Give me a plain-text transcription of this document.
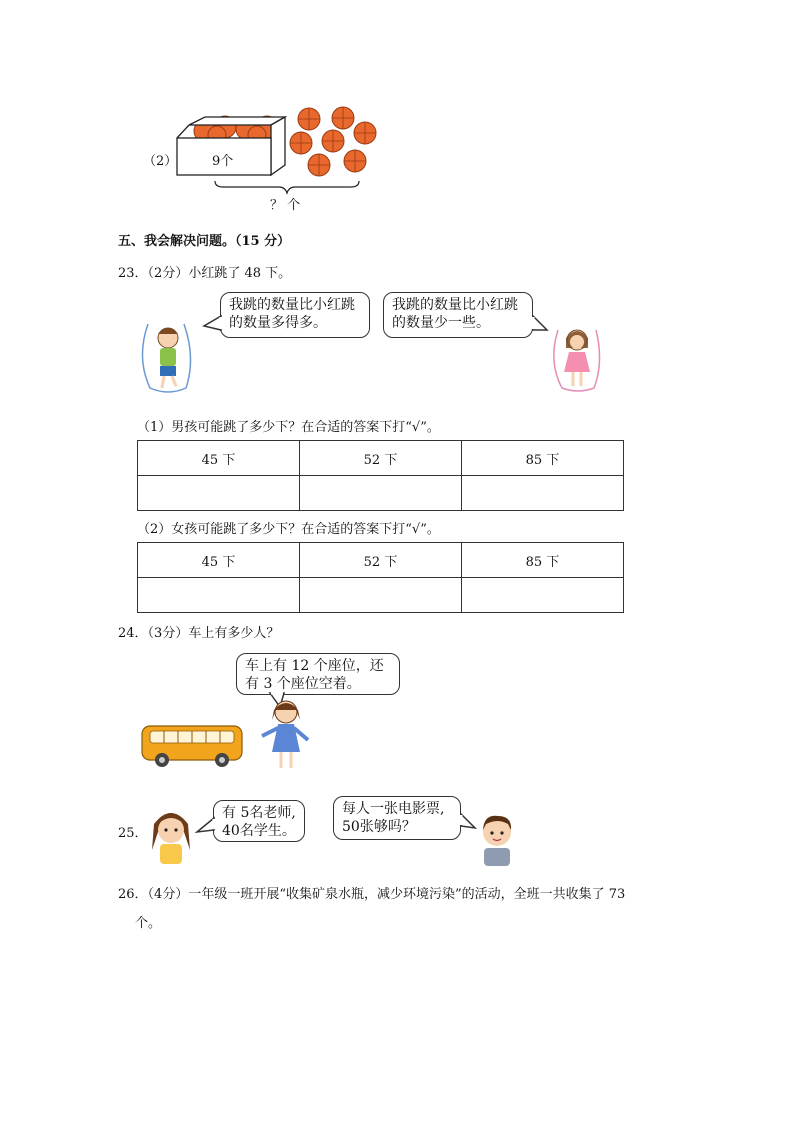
（2）	9个
？ 个
五、我会解决问题。（15 分）
23．（2分）小红跳了 48 下。
我跳的数量比小红跳
的数量多得多。
我跳的数量比小红跳
的数量少一些。
（1）男孩可能跳了多少下？在合适的答案下打“√”。
45 下	52 下	85 下

（2）女孩可能跳了多少下？在合适的答案下打“√”。
45 下	52 下	85 下

24．（3分）车上有多少人？
车上有 12 个座位，还
有 3 个座位空着。
25．
有 5名老师,
40名学生。
每人一张电影票,
50张够吗？
26．（4分）一年级一班开展“收集矿泉水瓶，减少环境污染”的活动，全班一共收集了 73
个。
